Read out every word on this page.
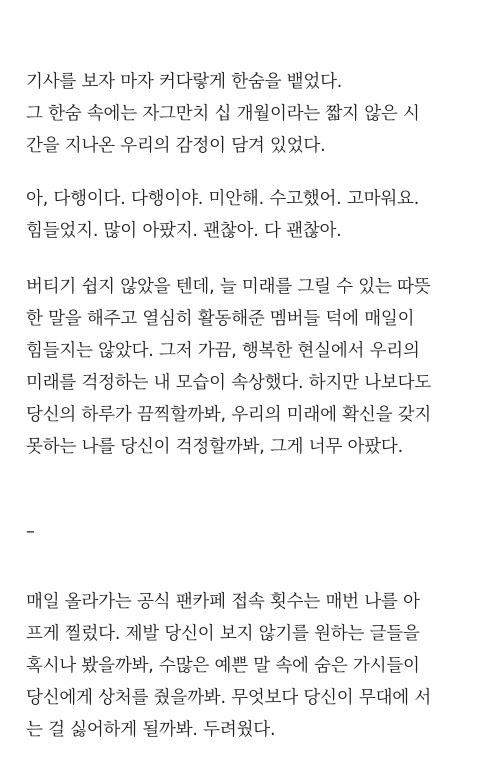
기사를 보자 마자 커다랗게 한숨을 뱉었다.
그 한숨 속에는 자그만치 십 개월이라는 짧지 않은 시
간을 지나온 우리의 감정이 담겨 있었다.
아, 다행이다. 다행이야. 미안해. 수고했어. 고마워요.
힘들었지. 많이 아팠지. 괜찮아. 다 괜찮아.
버티기 쉽지 않았을 텐데, 늘 미래를 그릴 수 있는 따뜻
한 말을 해주고 열심히 활동해준 멤버들 덕에 매일이
힘들지는 않았다. 그저 가끔, 행복한 현실에서 우리의
미래를 걱정하는 내 모습이 속상했다. 하지만 나보다도
당신의 하루가 끔찍할까봐, 우리의 미래에 확신을 갖지
못하는 나를 당신이 걱정할까봐, 그게 너무 아팠다.
–
매일 올라가는 공식 팬카페 접속 횟수는 매번 나를 아
프게 찔렀다. 제발 당신이 보지 않기를 원하는 글들을
혹시나 봤을까봐, 수많은 예쁜 말 속에 숨은 가시들이
당신에게 상처를 줬을까봐. 무엇보다 당신이 무대에 서
는 걸 싫어하게 될까봐. 두려웠다.
